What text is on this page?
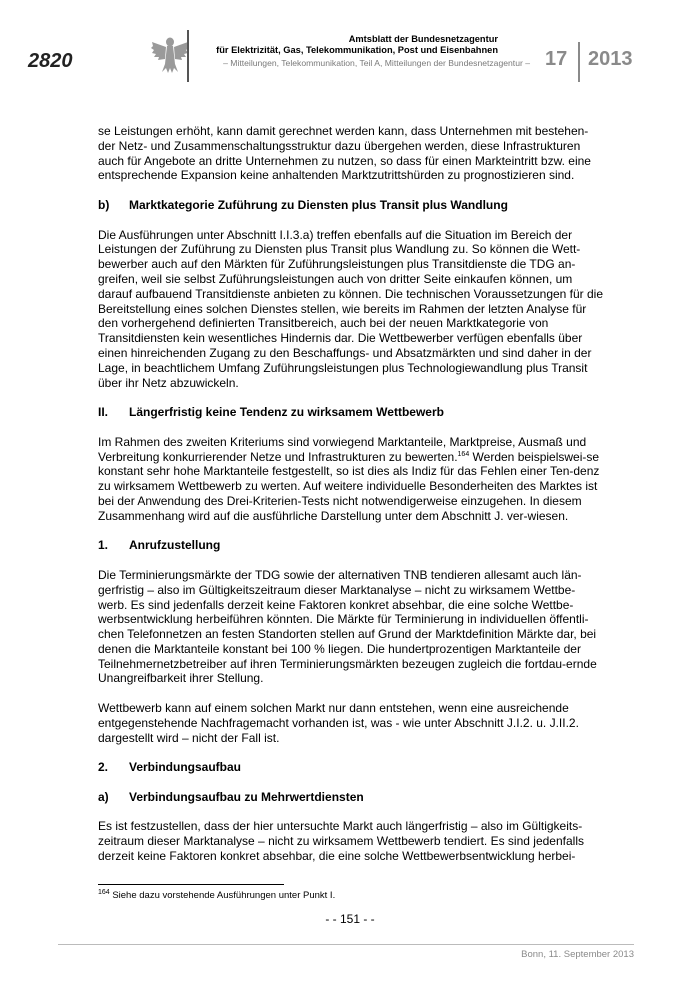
2820
Amtsblatt der Bundesnetzagentur
für Elektrizität, Gas, Telekommunikation, Post und Eisenbahnen
– Mitteilungen, Telekommunikation, Teil A, Mitteilungen der Bundesnetzagentur – 17 2013

se Leistungen erhöht, kann damit gerechnet werden kann, dass Unternehmen mit bestehen-der Netz- und Zusammenschaltungsstruktur dazu übergehen werden, diese Infrastrukturen auch für Angebote an dritte Unternehmen zu nutzen, so dass für einen Markteintritt bzw. eine entsprechende Expansion keine anhaltenden Marktzutrittshürden zu prognostizieren sind.

b)	Marktkategorie Zuführung zu Diensten plus Transit plus Wandlung

Die Ausführungen unter Abschnitt I.I.3.a) treffen ebenfalls auf die Situation im Bereich der Leistungen der Zuführung zu Diensten plus Transit plus Wandlung zu. So können die Wett-bewerber auch auf den Märkten für Zuführungsleistungen plus Transitdienste die TDG an-greifen, weil sie selbst Zuführungsleistungen auch von dritter Seite einkaufen können, um darauf aufbauend Transitdienste anbieten zu können. Die technischen Voraussetzungen für die Bereitstellung eines solchen Dienstes stellen, wie bereits im Rahmen der letzten Analyse für den vorhergehend definierten Transitbereich, auch bei der neuen Marktkategorie von Transitdiensten kein wesentliches Hindernis dar. Die Wettbewerber verfügen ebenfalls über einen hinreichenden Zugang zu den Beschaffungs- und Absatzmärkten und sind daher in der Lage, in beachtlichem Umfang Zuführungsleistungen plus Technologiewandlung plus Transit über ihr Netz abzuwickeln.

II.	Längerfristig keine Tendenz zu wirksamem Wettbewerb

Im Rahmen des zweiten Kriteriums sind vorwiegend Marktanteile, Marktpreise, Ausmaß und Verbreitung konkurrierender Netze und Infrastrukturen zu bewerten.$^{164}$ Werden beispielswei-se konstant sehr hohe Marktanteile festgestellt, so ist dies als Indiz für das Fehlen einer Ten-denz zu wirksamem Wettbewerb zu werten. Auf weitere individuelle Besonderheiten des Marktes ist bei der Anwendung des Drei-Kriterien-Tests nicht notwendigerweise einzugehen. In diesem Zusammenhang wird auf die ausführliche Darstellung unter dem Abschnitt J. ver-wiesen.

1.	Anrufzustellung

Die Terminierungsmärkte der TDG sowie der alternativen TNB tendieren allesamt auch län-gerfristig – also im Gültigkeitszeitraum dieser Marktanalyse – nicht zu wirksamem Wettbe-werb. Es sind jedenfalls derzeit keine Faktoren konkret absehbar, die eine solche Wettbe-werbsentwicklung herbeiführen könnten. Die Märkte für Terminierung in individuellen öffentli-chen Telefonnetzen an festen Standorten stellen auf Grund der Marktdefinition Märkte dar, bei denen die Marktanteile konstant bei 100 % liegen. Die hundertprozentigen Marktanteile der Teilnehmernetzbetreiber auf ihren Terminierungsmärkten bezeugen zugleich die fortdau-ernde Unangreifbarkeit ihrer Stellung.

Wettbewerb kann auf einem solchen Markt nur dann entstehen, wenn eine ausreichende entgegenstehende Nachfragemacht vorhanden ist, was - wie unter Abschnitt J.I.2. u. J.II.2. dargestellt wird – nicht der Fall ist.

2.	Verbindungsaufbau
a)	Verbindungsaufbau zu Mehrwertdiensten

Es ist festzustellen, dass der hier untersuchte Markt auch längerfristig – also im Gültigkeits-zeitraum dieser Marktanalyse – nicht zu wirksamem Wettbewerb tendiert. Es sind jedenfalls derzeit keine Faktoren konkret absehbar, die eine solche Wettbewerbsentwicklung herbei-

$^{164}$ Siehe dazu vorstehende Ausführungen unter Punkt I.
- - 151 - -
Bonn, 11. September 2013
